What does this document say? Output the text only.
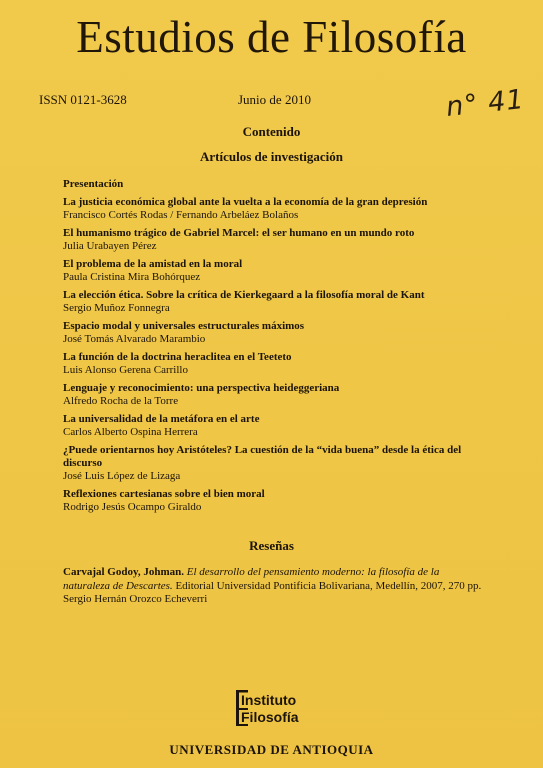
Estudios de Filosofía
ISSN 0121-3628	Junio de 2010	n° 41
Contenido
Artículos de investigación
Presentación
La justicia económica global ante la vuelta a la economía de la gran depresión
Francisco Cortés Rodas / Fernando Arbeláez Bolaños
El humanismo trágico de Gabriel Marcel: el ser humano en un mundo roto
Julia Urabayen Pérez
El problema de la amistad en la moral
Paula Cristina Mira Bohórquez
La elección ética. Sobre la crítica de Kierkegaard a la filosofía moral de Kant
Sergio Muñoz Fonnegra
Espacio modal y universales estructurales máximos
José Tomás Alvarado Marambio
La función de la doctrina heraclitea en el Teeteto
Luis Alonso Gerena Carrillo
Lenguaje y reconocimiento: una perspectiva heideggeriana
Alfredo Rocha de la Torre
La universalidad de la metáfora en el arte
Carlos Alberto Ospina Herrera
¿Puede orientarnos hoy Aristóteles? La cuestión de la “vida buena” desde la ética del discurso
José Luis López de Lizaga
Reflexiones cartesianas sobre el bien moral
Rodrigo Jesús Ocampo Giraldo
Reseñas
Carvajal Godoy, Johman. El desarrollo del pensamiento moderno: la filosofía de la naturaleza de Descartes. Editorial Universidad Pontificia Bolivariana, Medellín, 2007, 270 pp.
Sergio Hernán Orozco Echeverri
Instituto
Filosofía
UNIVERSIDAD DE ANTIOQUIA
